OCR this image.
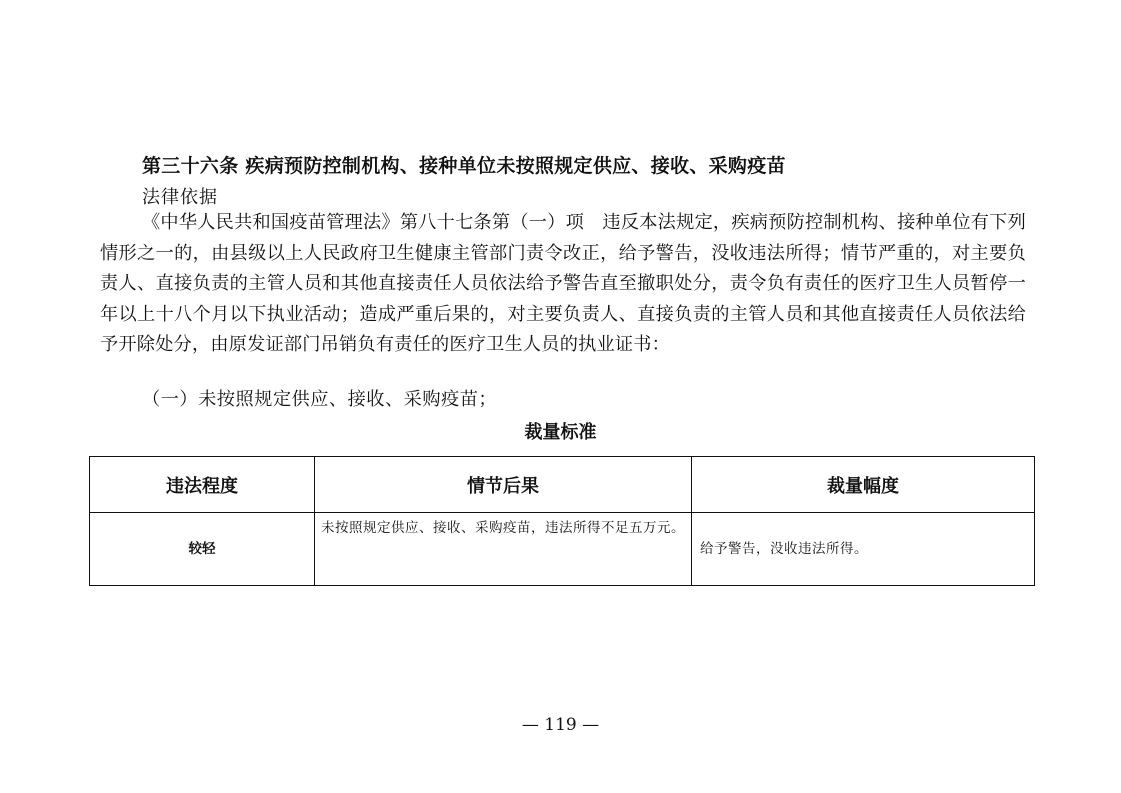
第三十六条 疾病预防控制机构、接种单位未按照规定供应、接收、采购疫苗
法律依据

《中华人民共和国疫苗管理法》第八十七条第（一）项　违反本法规定，疾病预防控制机构、接种单位有下列情形之一的，由县级以上人民政府卫生健康主管部门责令改正，给予警告，没收违法所得；情节严重的，对主要负责人、直接负责的主管人员和其他直接责任人员依法给予警告直至撤职处分，责令负有责任的医疗卫生人员暂停一年以上十八个月以下执业活动；造成严重后果的，对主要负责人、直接负责的主管人员和其他直接责任人员依法给予开除处分，由原发证部门吊销负有责任的医疗卫生人员的执业证书：

（一）未按照规定供应、接收、采购疫苗；
裁量标准
违法程度	情节后果	裁量幅度
较轻	未按照规定供应、接收、采购疫苗，违法所得不足五万元。	给予警告，没收违法所得。
— 119 —
